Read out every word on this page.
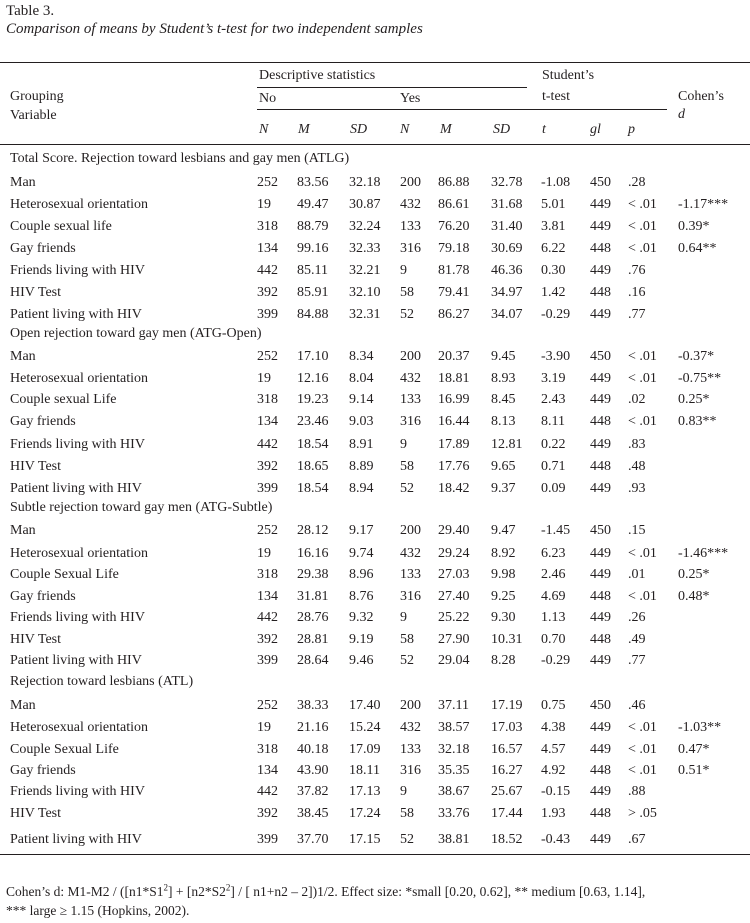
Table 3.
Comparison of means by Student’s t-test for two independent samples
Grouping
Variable
Descriptive statistics
No	Yes
Student’s
t-test	Cohen’s
d
N M	SD N M	SD t	gl p
Total Score. Rejection toward lesbians and gay men (ATLG)
Man	252 83.56 32.18 200 86.88 32.78 -1.08 450 .28
Heterosexual orientation	19 49.47 30.87 432 86.61 31.68 5.01 449 < .01 -1.17***
Couple sexual life	318 88.79 32.24 133 76.20 31.40 3.81 449 < .01 0.39*
Gay friends	134 99.16 32.33 316 79.18 30.69 6.22 448 < .01 0.64**
Friends living with HIV	442 85.11 32.21 9 81.78 46.36 0.30 449 .76
HIV Test	392 85.91 32.10 58 79.41 34.97 1.42 448 .16
Patient living with HIV	399 84.88 32.31 52 86.27 34.07 -0.29 449 .77
Open rejection toward gay men (ATG-Open)
Man	252 17.10 8.34 200 20.37 9.45 -3.90 450 < .01 -0.37*
Heterosexual orientation	19 12.16 8.04 432 18.81 8.93 3.19 449 < .01 -0.75**
Couple sexual Life	318 19.23 9.14 133 16.99 8.45 2.43 449 .02 0.25*
Gay friends	134 23.46 9.03 316 16.44 8.13 8.11 448 < .01 0.83**
Friends living with HIV	442 18.54 8.91 9 17.89 12.81 0.22 449 .83
HIV Test	392 18.65 8.89 58 17.76 9.65 0.71 448 .48
Patient living with HIV	399 18.54 8.94 52 18.42 9.37 0.09 449 .93
Subtle rejection toward gay men (ATG-Subtle)
Man	252 28.12 9.17 200 29.40 9.47 -1.45 450 .15
Heterosexual orientation	19 16.16 9.74 432 29.24 8.92 6.23 449 < .01 -1.46***
Couple Sexual Life	318 29.38 8.96 133 27.03 9.98 2.46 449 .01 0.25*
Gay friends	134 31.81 8.76 316 27.40 9.25 4.69 448 < .01 0.48*
Friends living with HIV	442 28.76 9.32 9 25.22 9.30 1.13 449 .26
HIV Test	392 28.81 9.19 58 27.90 10.31 0.70 448 .49
Patient living with HIV	399 28.64 9.46 52 29.04 8.28 -0.29 449 .77
Rejection toward lesbians (ATL)
Man	252 38.33 17.40 200 37.11 17.19 0.75 450 .46
Heterosexual orientation	19 21.16 15.24 432 38.57 17.03 4.38 449 < .01 -1.03**
Couple Sexual Life	318 40.18 17.09 133 32.18 16.57 4.57 449 < .01 0.47*
Gay friends	134 43.90 18.11 316 35.35 16.27 4.92 448 < .01 0.51*
Friends living with HIV	442 37.82 17.13 9 38.67 25.67 -0.15 449 .88
HIV Test	392 38.45 17.24 58 33.76 17.44 1.93 448 > .05
Patient living with HIV	399 37.70 17.15 52 38.81 18.52 -0.43 449 .67
Cohen’s d: $M1-M2 / ([n1*S1^2] + [n2*S2^2]$ / [ n1+n2 – 2])1/2. Effect size: *small [0.20, 0.62], ** medium [0.63, 1.14],
*** large ≥ 1.15 (Hopkins, 2002).
